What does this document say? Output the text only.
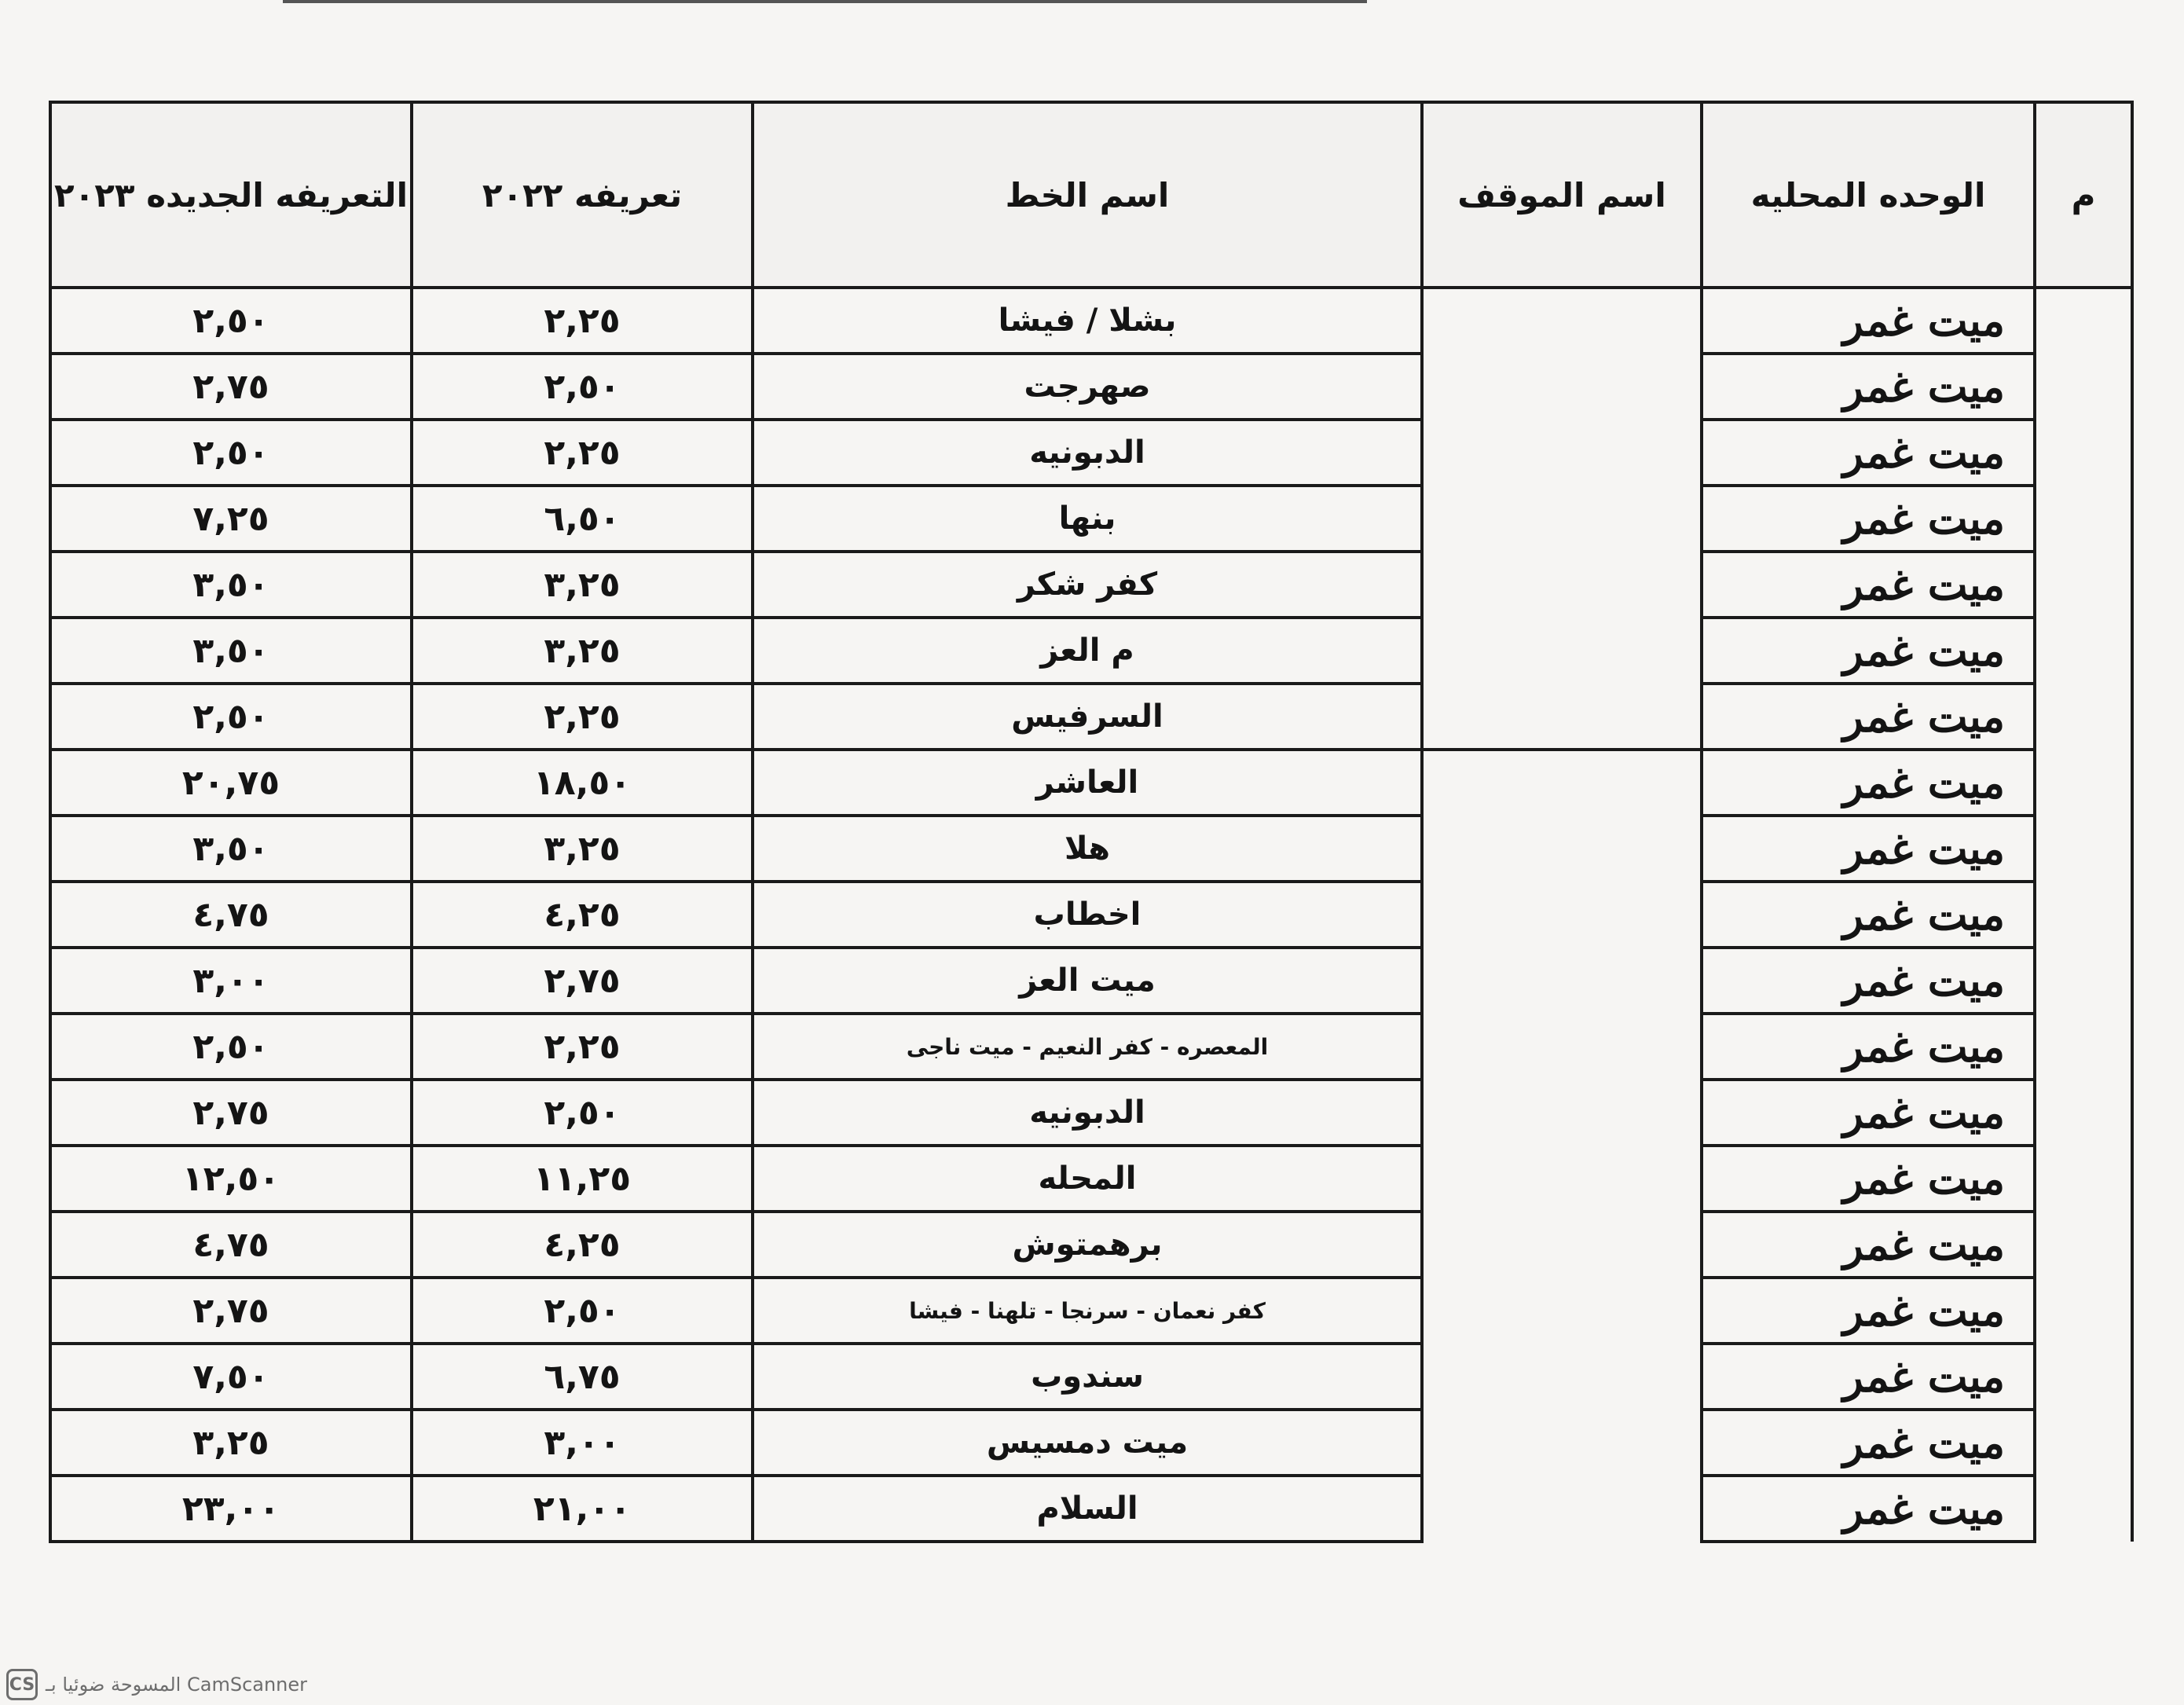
م	الوحده المحليه	اسم الموقف	اسم الخط	تعريفه ٢٠٢٢	التعريفه الجديده ٢٠٢٣
	ميت غمر		بشلا / فيشا	٢,٢٥	٢,٥٠
	ميت غمر		صهرجت	٢,٥٠	٢,٧٥
	ميت غمر		الدبونيه	٢,٢٥	٢,٥٠
	ميت غمر		بنها	٦,٥٠	٧,٢٥
	ميت غمر		كفر شكر	٣,٢٥	٣,٥٠
	ميت غمر		م العز	٣,٢٥	٣,٥٠
	ميت غمر		السرفيس	٢,٢٥	٢,٥٠
	ميت غمر		العاشر	١٨,٥٠	٢٠,٧٥
	ميت غمر		هلا	٣,٢٥	٣,٥٠
	ميت غمر		اخطاب	٤,٢٥	٤,٧٥
	ميت غمر		ميت العز	٢,٧٥	٣,٠٠
	ميت غمر		المعصره - كفر النعيم - ميت ناجى	٢,٢٥	٢,٥٠
	ميت غمر		الدبونيه	٢,٥٠	٢,٧٥
	ميت غمر		المحله	١١,٢٥	١٢,٥٠
	ميت غمر		برهمتوش	٤,٢٥	٤,٧٥
	ميت غمر		كفر نعمان - سرنجا - تلهنا - فيشا	٢,٥٠	٢,٧٥
	ميت غمر		سندوب	٦,٧٥	٧,٥٠
	ميت غمر		ميت دمسيس	٣,٠٠	٣,٢٥
	ميت غمر		السلام	٢١,٠٠	٢٣,٠٠
CS المسوحة ضوئيا بـ CamScanner
